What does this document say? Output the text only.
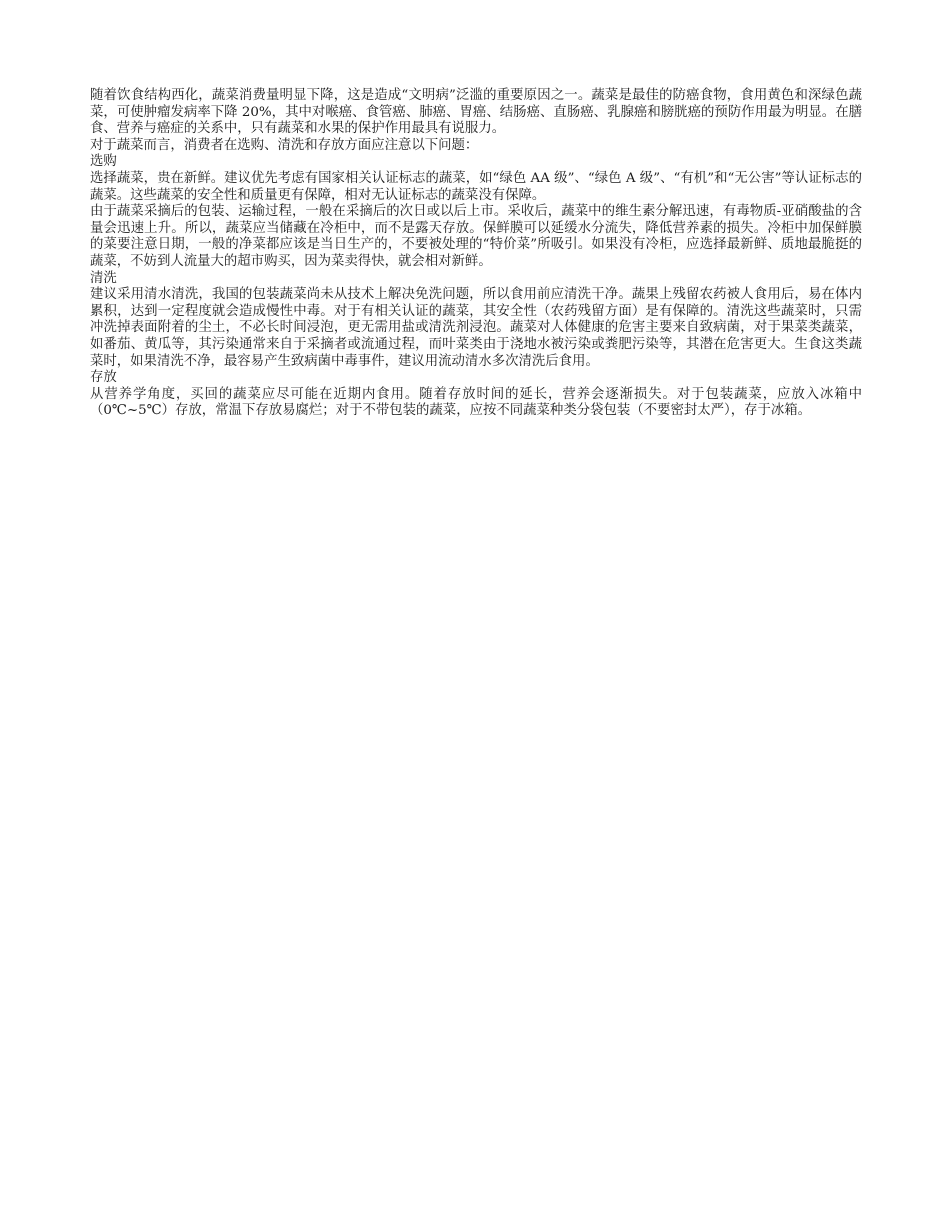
随着饮食结构西化，蔬菜消费量明显下降，这是造成“文明病”泛滥的重要原因之一。蔬菜是最佳的防癌食物，食用黄色和深绿色蔬菜，可使肿瘤发病率下降 20%，其中对喉癌、食管癌、肺癌、胃癌、结肠癌、直肠癌、乳腺癌和膀胱癌的预防作用最为明显。在膳食、营养与癌症的关系中，只有蔬菜和水果的保护作用最具有说服力。

对于蔬菜而言，消费者在选购、清洗和存放方面应注意以下问题：

选购

选择蔬菜，贵在新鲜。建议优先考虑有国家相关认证标志的蔬菜，如“绿色 AA 级”、“绿色 A 级”、“有机”和“无公害”等认证标志的蔬菜。这些蔬菜的安全性和质量更有保障，相对无认证标志的蔬菜没有保障。

由于蔬菜采摘后的包装、运输过程，一般在采摘后的次日或以后上市。采收后，蔬菜中的维生素分解迅速，有毒物质-亚硝酸盐的含量会迅速上升。所以，蔬菜应当储藏在冷柜中，而不是露天存放。保鲜膜可以延缓水分流失，降低营养素的损失。冷柜中加保鲜膜的菜要注意日期，一般的净菜都应该是当日生产的，不要被处理的“特价菜”所吸引。如果没有冷柜，应选择最新鲜、质地最脆挺的蔬菜，不妨到人流量大的超市购买，因为菜卖得快，就会相对新鲜。

清洗

建议采用清水清洗，我国的包装蔬菜尚未从技术上解决免洗问题，所以食用前应清洗干净。蔬果上残留农药被人食用后，易在体内累积，达到一定程度就会造成慢性中毒。对于有相关认证的蔬菜，其安全性（农药残留方面）是有保障的。清洗这些蔬菜时，只需冲洗掉表面附着的尘土，不必长时间浸泡，更无需用盐或清洗剂浸泡。蔬菜对人体健康的危害主要来自致病菌，对于果菜类蔬菜，如番茄、黄瓜等，其污染通常来自于采摘者或流通过程，而叶菜类由于浇地水被污染或粪肥污染等，其潜在危害更大。生食这类蔬菜时，如果清洗不净，最容易产生致病菌中毒事件，建议用流动清水多次清洗后食用。

存放

从营养学角度，买回的蔬菜应尽可能在近期内食用。随着存放时间的延长，营养会逐渐损失。对于包装蔬菜，应放入冰箱中（0℃~5℃）存放，常温下存放易腐烂；对于不带包装的蔬菜，应按不同蔬菜种类分袋包装（不要密封太严），存于冰箱。
